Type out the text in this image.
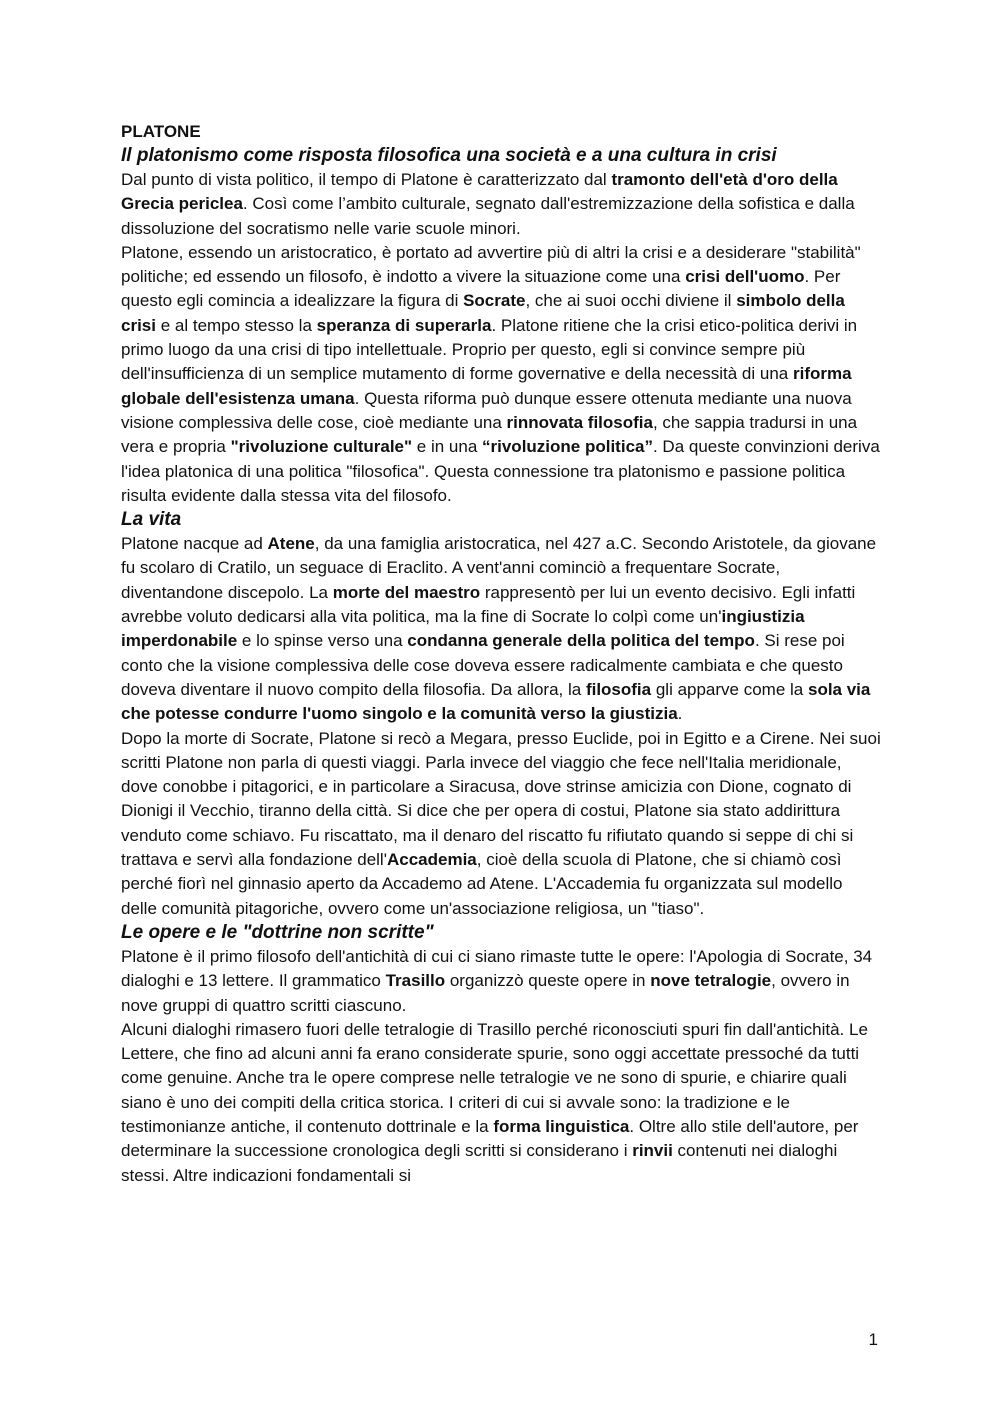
PLATONE

Il platonismo come risposta filosofica una società e a una cultura in crisi

Dal punto di vista politico, il tempo di Platone è caratterizzato dal tramonto dell'età d'oro della Grecia periclea. Così come l’ambito culturale, segnato dall'estremizzazione della sofistica e dalla dissoluzione del socratismo nelle varie scuole minori.

Platone, essendo un aristocratico, è portato ad avvertire più di altri la crisi e a desiderare "stabilità" politiche; ed essendo un filosofo, è indotto a vivere la situazione come una crisi dell'uomo. Per questo egli comincia a idealizzare la figura di Socrate, che ai suoi occhi diviene il simbolo della crisi e al tempo stesso la speranza di superarla. Platone ritiene che la crisi etico-politica derivi in primo luogo da una crisi di tipo intellettuale. Proprio per questo, egli si convince sempre più dell'insufficienza di un semplice mutamento di forme governative e della necessità di una riforma globale dell'esistenza umana. Questa riforma può dunque essere ottenuta mediante una nuova visione complessiva delle cose, cioè mediante una rinnovata filosofia, che sappia tradursi in una vera e propria "rivoluzione culturale" e in una “rivoluzione politica”. Da queste convinzioni deriva l'idea platonica di una politica "filosofica". Questa connessione tra platonismo e passione politica risulta evidente dalla stessa vita del filosofo.

La vita

Platone nacque ad Atene, da una famiglia aristocratica, nel 427 a.C. Secondo Aristotele, da giovane fu scolaro di Cratilo, un seguace di Eraclito. A vent'anni cominciò a frequentare Socrate, diventandone discepolo. La morte del maestro rappresentò per lui un evento decisivo. Egli infatti avrebbe voluto dedicarsi alla vita politica, ma la fine di Socrate lo colpì come un'ingiustizia imperdonabile e lo spinse verso una condanna generale della politica del tempo. Si rese poi conto che la visione complessiva delle cose doveva essere radicalmente cambiata e che questo doveva diventare il nuovo compito della filosofia. Da allora, la filosofia gli apparve come la sola via che potesse condurre l'uomo singolo e la comunità verso la giustizia.

Dopo la morte di Socrate, Platone si recò a Megara, presso Euclide, poi in Egitto e a Cirene. Nei suoi scritti Platone non parla di questi viaggi. Parla invece del viaggio che fece nell'Italia meridionale, dove conobbe i pitagorici, e in particolare a Siracusa, dove strinse amicizia con Dione, cognato di Dionigi il Vecchio, tiranno della città. Si dice che per opera di costui, Platone sia stato addirittura venduto come schiavo. Fu riscattato, ma il denaro del riscatto fu rifiutato quando si seppe di chi si trattava e servì alla fondazione dell'Accademia, cioè della scuola di Platone, che si chiamò così perché fiorì nel ginnasio aperto da Accademo ad Atene. L'Accademia fu organizzata sul modello delle comunità pitagoriche, ovvero come un'associazione religiosa, un "tiaso".

Le opere e le "dottrine non scritte"

Platone è il primo filosofo dell'antichità di cui ci siano rimaste tutte le opere: l'Apologia di Socrate, 34 dialoghi e 13 lettere. Il grammatico Trasillo organizzò queste opere in nove tetralogie, ovvero in nove gruppi di quattro scritti ciascuno.

Alcuni dialoghi rimasero fuori delle tetralogie di Trasillo perché riconosciuti spuri fin dall'antichità. Le Lettere, che fino ad alcuni anni fa erano considerate spurie, sono oggi accettate pressoché da tutti come genuine. Anche tra le opere comprese nelle tetralogie ve ne sono di spurie, e chiarire quali siano è uno dei compiti della critica storica. I criteri di cui si avvale sono: la tradizione e le testimonianze antiche, il contenuto dottrinale e la forma linguistica. Oltre allo stile dell'autore, per determinare la successione cronologica degli scritti si considerano i rinvii contenuti nei dialoghi stessi. Altre indicazioni fondamentali si

1
